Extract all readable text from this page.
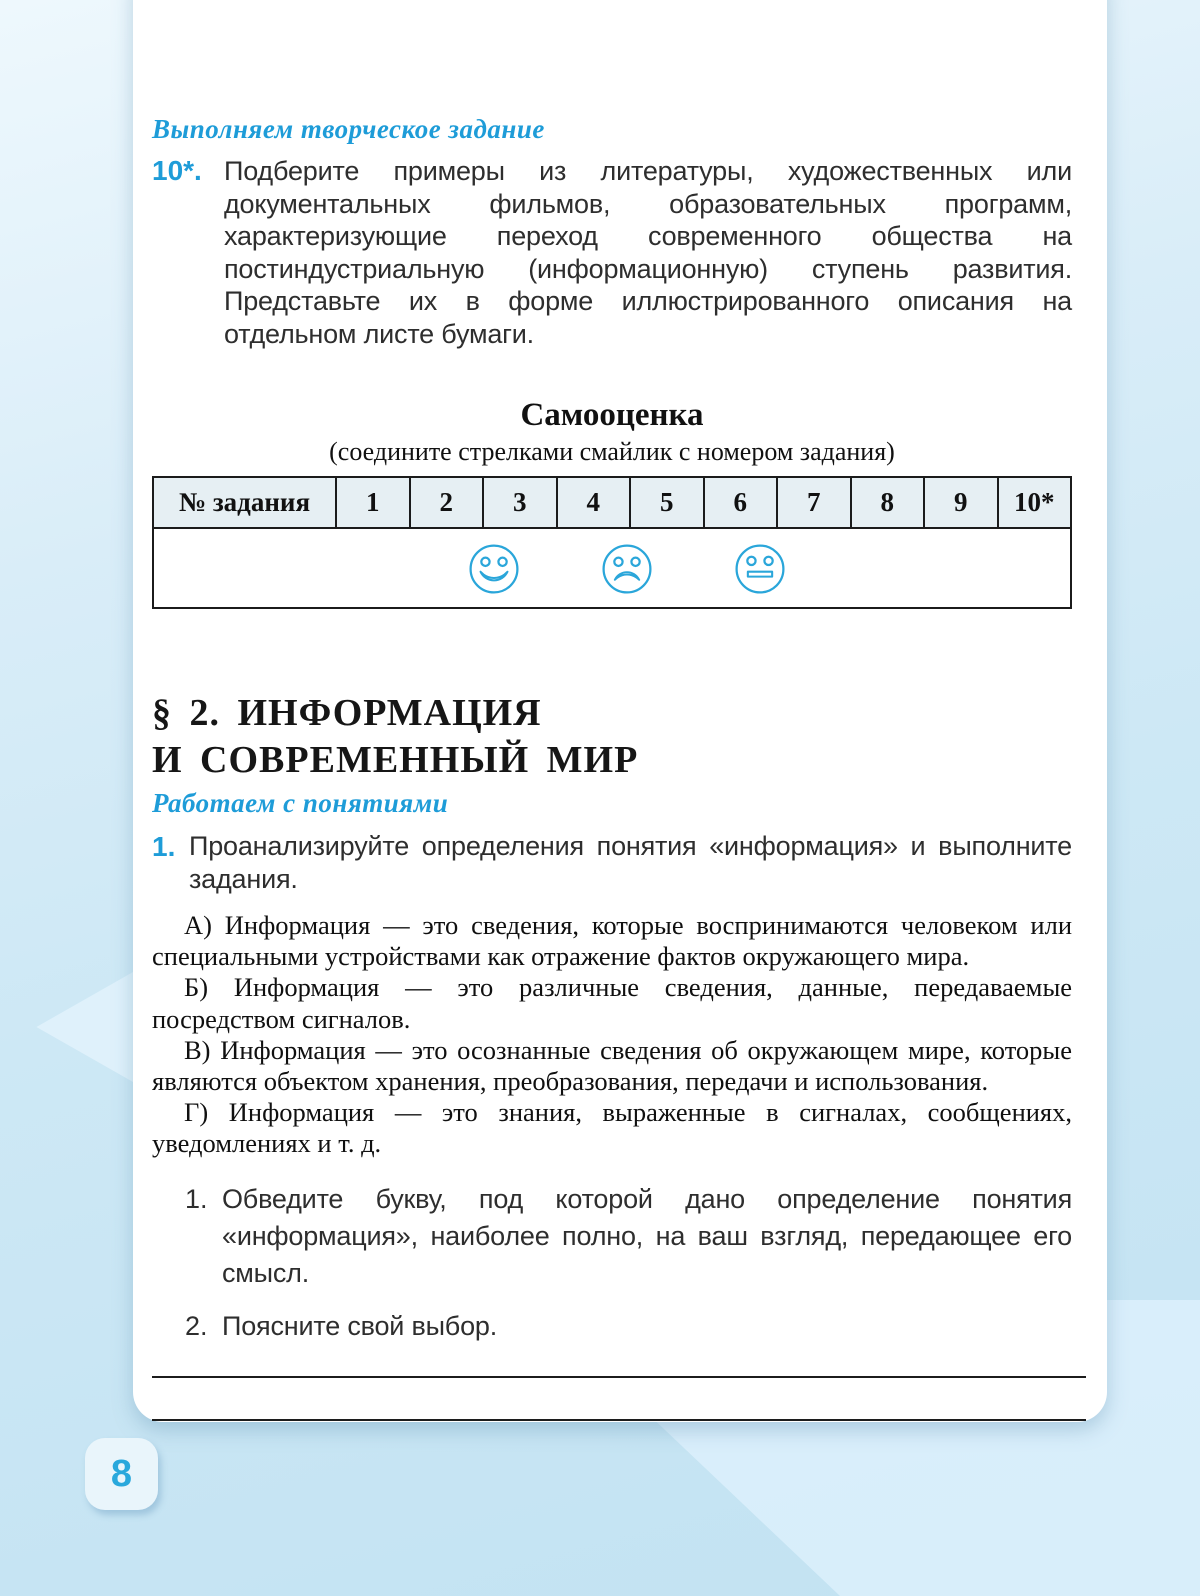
Выполняем творческое задание
10*. Подберите примеры из литературы, художественных или документальных фильмов, образовательных программ, характеризующие переход современного общества на постиндустриальную (информационную) ступень развития. Представьте их в форме иллюстрированного описания на отдельном листе бумаги.

Самооценка
(соедините стрелками смайлик с номером задания)
№ задания	1	2	3	4	5	6	7	8	9	10*

§ 2. ИНФОРМАЦИЯ
И СОВРЕМЕННЫЙ МИР
Работаем с понятиями
1. Проанализируйте определения понятия «информация» и выполните задания.

А) Информация — это сведения, которые воспринимаются человеком или специальными устройствами как отражение фактов окружающего мира.

Б) Информация — это различные сведения, данные, передаваемые посредством сигналов.

В) Информация — это осознанные сведения об окружающем мире, которые являются объектом хранения, преобразования, передачи и использования.

Г) Информация — это знания, выраженные в сигналах, сообщениях, уведомлениях и т. д.

1. Обведите букву, под которой дано определение понятия «информация», наиболее полно, на ваш взгляд, передающее его смысл.

2. Поясните свой выбор.

8
